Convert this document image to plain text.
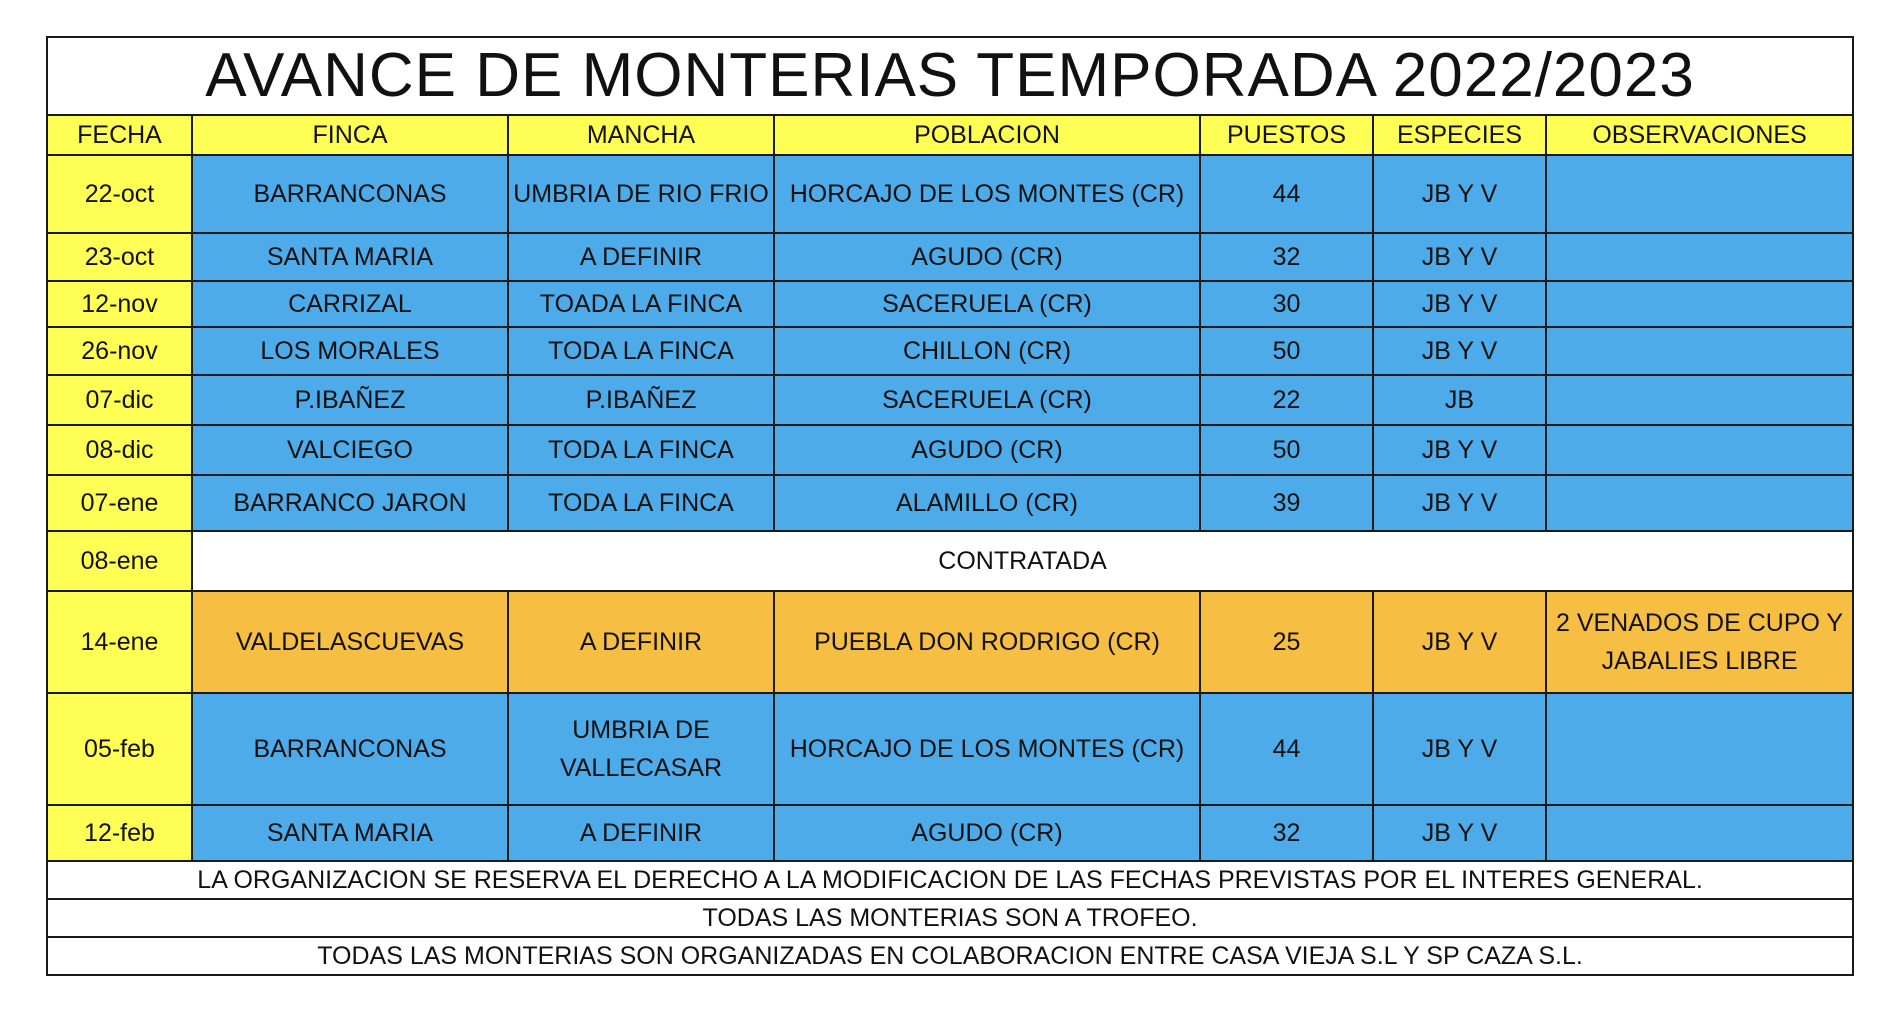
AVANCE DE MONTERIAS TEMPORADA 2022/2023						
FECHA	FINCA	MANCHA	POBLACION	PUESTOS	ESPECIES	OBSERVACIONES
22-oct	BARRANCONAS	UMBRIA DE RIO FRIO	HORCAJO DE LOS MONTES (CR)	44	JB Y V	
23-oct	SANTA MARIA	A DEFINIR	AGUDO (CR)	32	JB Y V	
12-nov	CARRIZAL	TOADA LA FINCA	SACERUELA (CR)	30	JB Y V	
26-nov	LOS MORALES	TODA LA FINCA	CHILLON (CR)	50	JB Y V	
07-dic	P.IBAÑEZ	P.IBAÑEZ	SACERUELA (CR)	22	JB	
08-dic	VALCIEGO	TODA LA FINCA	AGUDO (CR)	50	JB Y V	
07-ene	BARRANCO JARON	TODA LA FINCA	ALAMILLO (CR)	39	JB Y V	
08-ene	CONTRATADA					
14-ene	VALDELASCUEVAS	A DEFINIR	PUEBLA DON RODRIGO (CR)	25	JB Y V	2 VENADOS DE CUPO Y JABALIES LIBRE
05-feb	BARRANCONAS	UMBRIA DE VALLECASAR	HORCAJO DE LOS MONTES (CR)	44	JB Y V	
12-feb	SANTA MARIA	A DEFINIR	AGUDO (CR)	32	JB Y V	
LA ORGANIZACION SE RESERVA EL DERECHO A LA MODIFICACION DE LAS FECHAS PREVISTAS POR EL INTERES GENERAL.						
TODAS LAS MONTERIAS SON A TROFEO.						
TODAS LAS MONTERIAS SON ORGANIZADAS EN COLABORACION ENTRE CASA VIEJA S.L Y SP CAZA S.L.						
